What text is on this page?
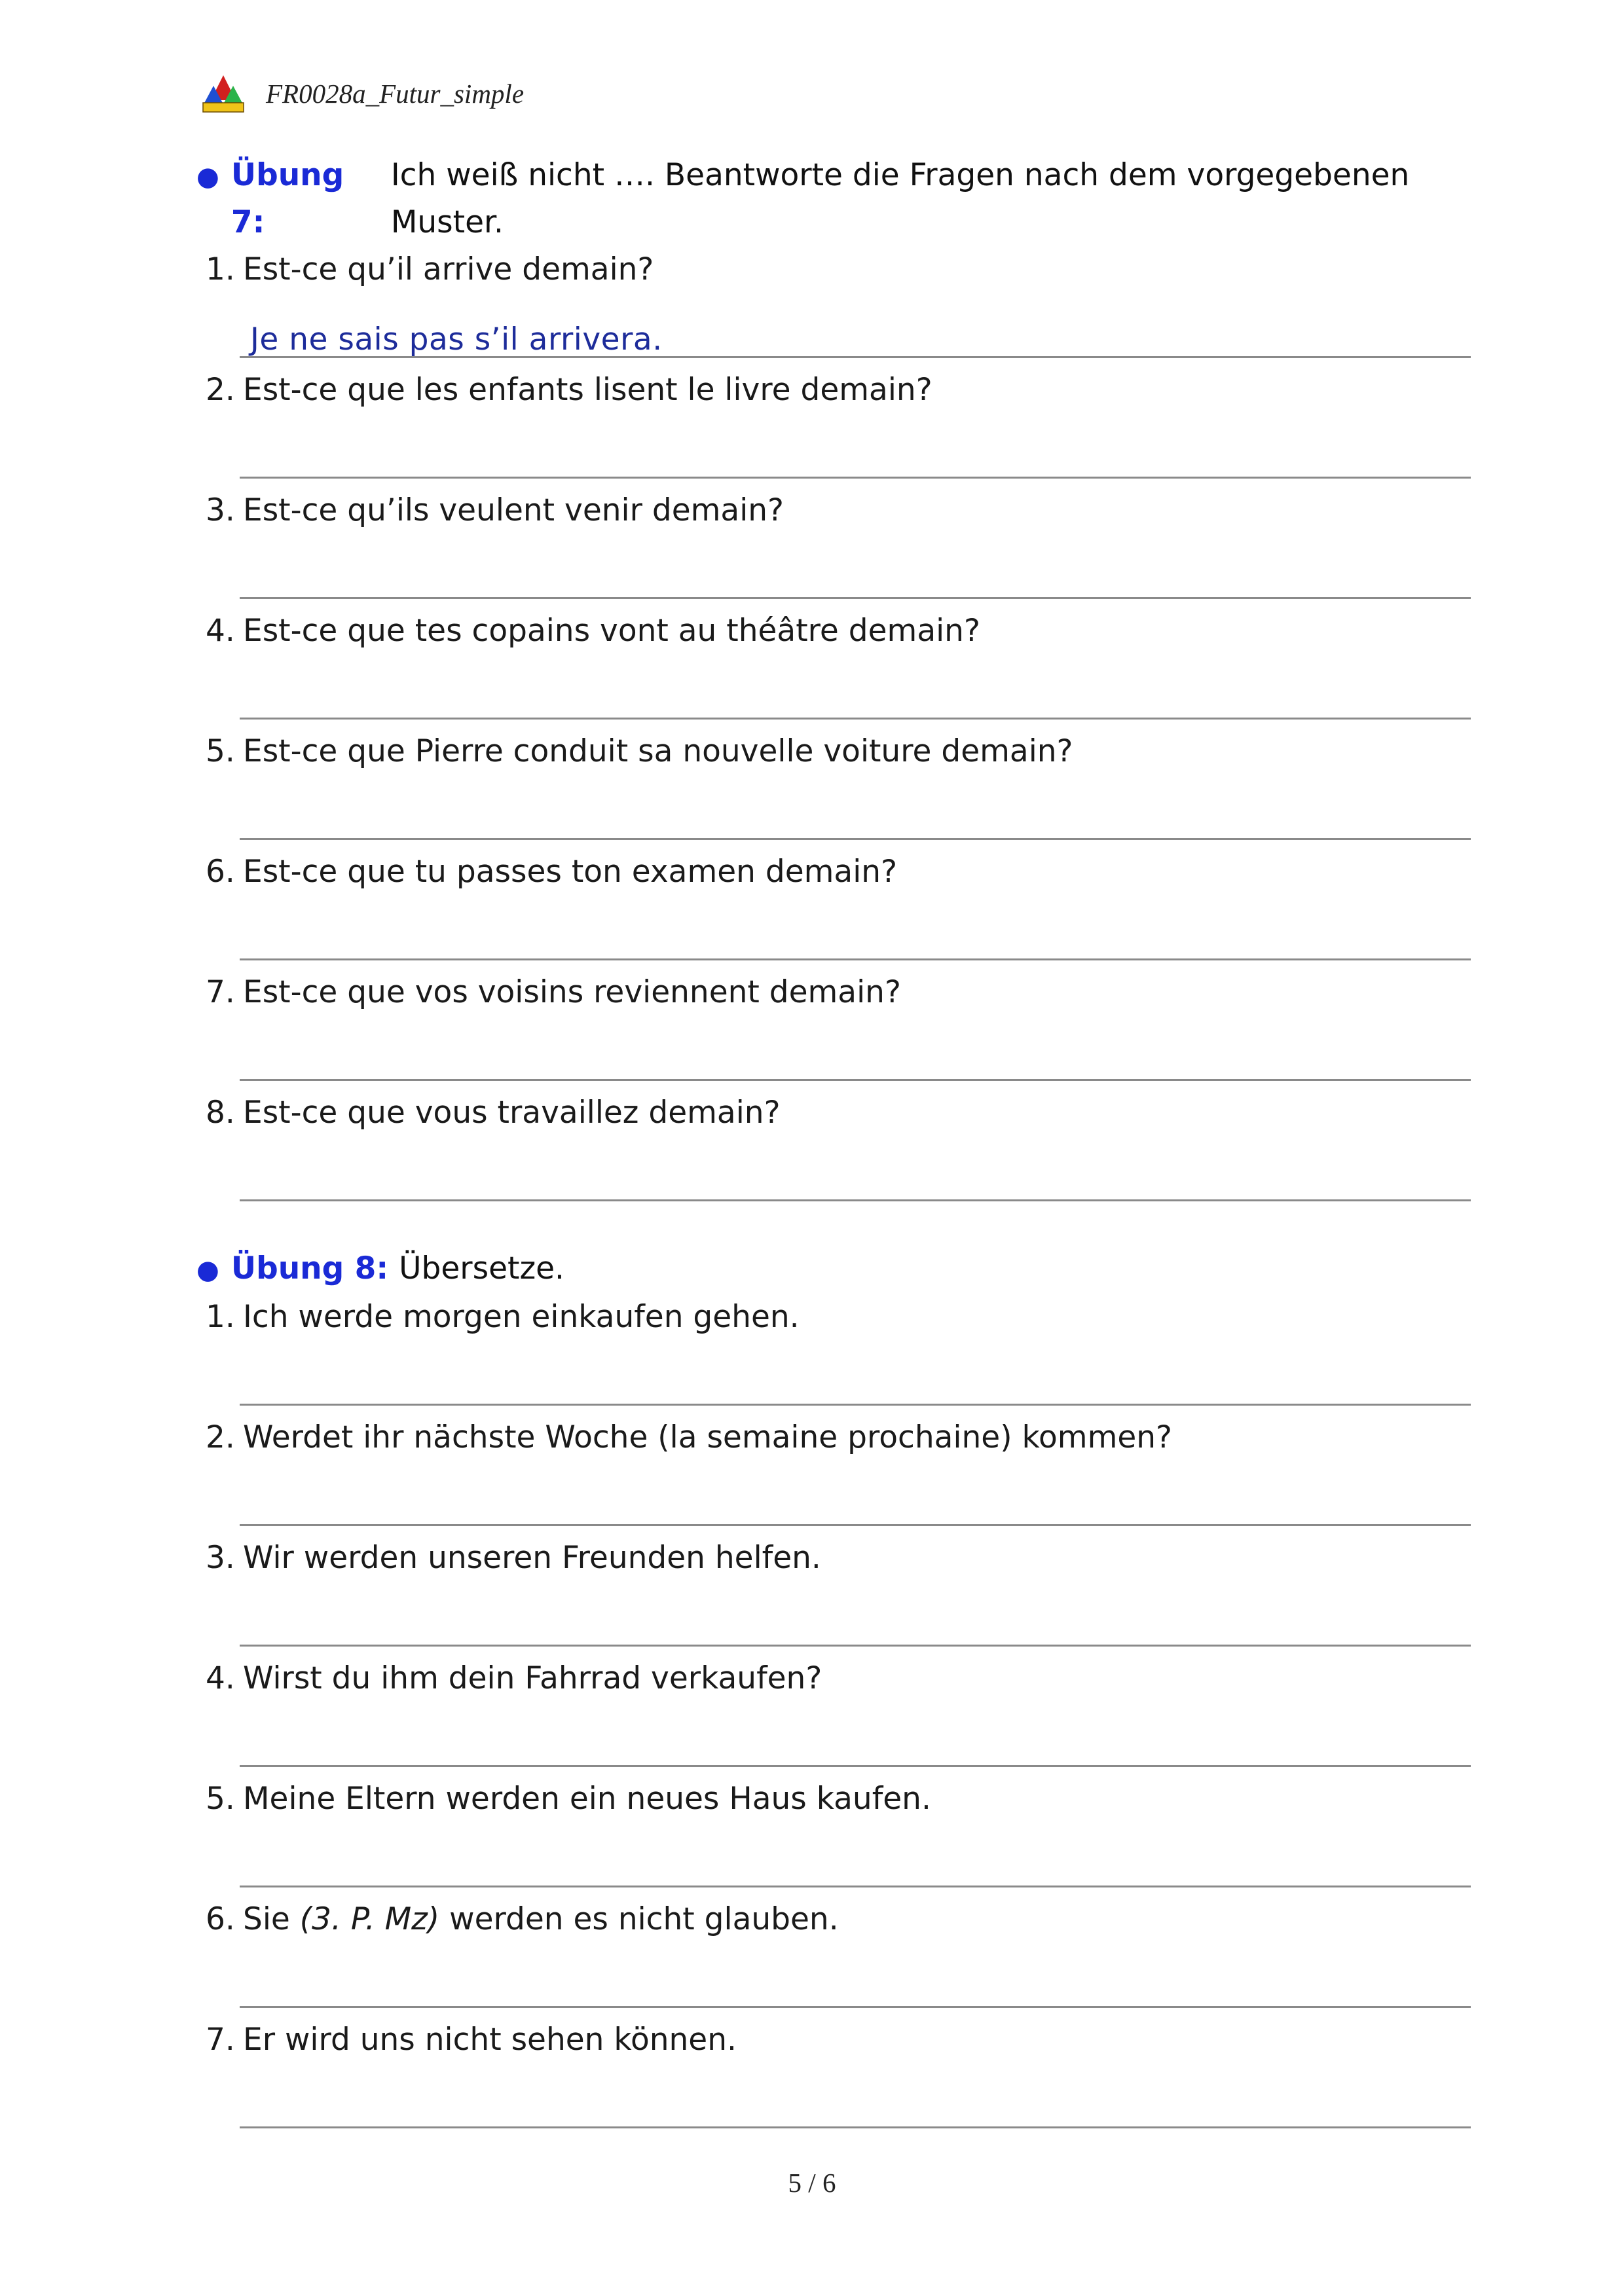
FR0028a_Futur_simple
● Übung 7:
Ich weiß nicht …. Beantworte die Fragen nach dem vorgegebenen Muster.
1. Est-ce qu’il arrive demain?
Je ne sais pas s’il arrivera.
2. Est-ce que les enfants lisent le livre demain?
3. Est-ce qu’ils veulent venir demain?
4. Est-ce que tes copains vont au théâtre demain?
5. Est-ce que Pierre conduit sa nouvelle voiture demain?
6. Est-ce que tu passes ton examen demain?
7. Est-ce que vos voisins reviennent demain?
8. Est-ce que vous travaillez demain?
● Übung 8: Übersetze.
1. Ich werde morgen einkaufen gehen.
2. Werdet ihr nächste Woche (la semaine prochaine) kommen?
3. Wir werden unseren Freunden helfen.
4. Wirst du ihm dein Fahrrad verkaufen?
5. Meine Eltern werden ein neues Haus kaufen.
6. Sie (3. P. Mz) werden es nicht glauben.
7. Er wird uns nicht sehen können.
5 / 6
